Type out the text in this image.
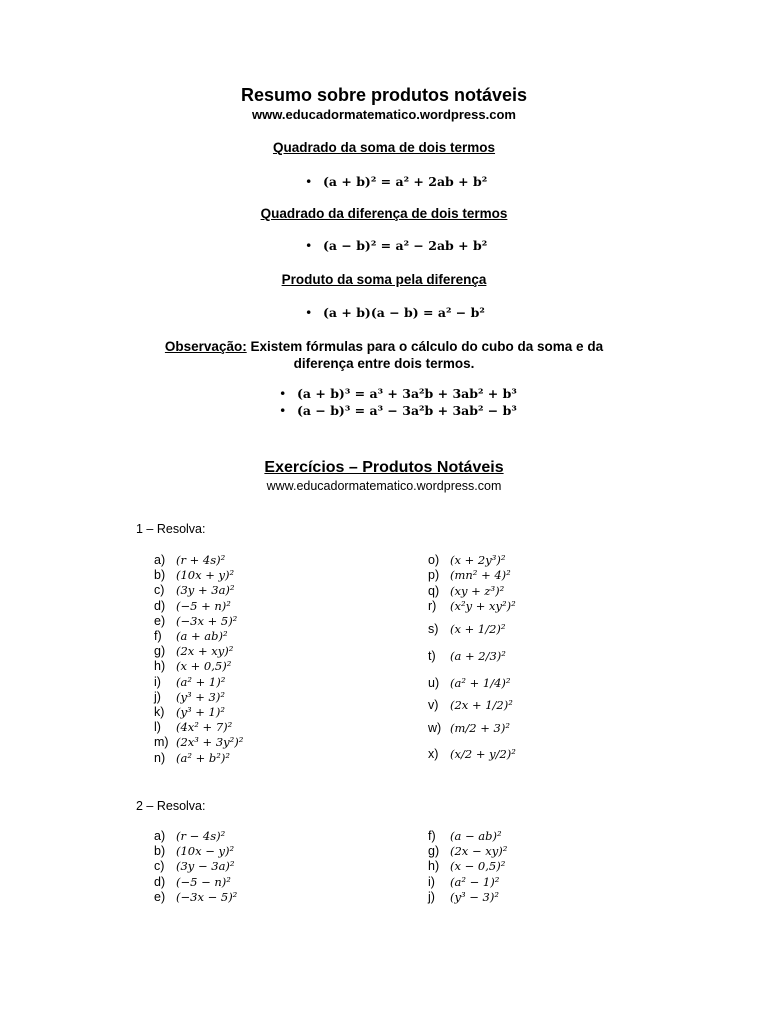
Resumo sobre produtos notáveis
www.educadormatematico.wordpress.com
Quadrado da soma de dois termos
• (a + b)² = a² + 2ab + b²
Quadrado da diferença de dois termos
• (a − b)² = a² − 2ab + b²
Produto da soma pela diferença
• (a + b)(a − b) = a² − b²
Observação: Existem fórmulas para o cálculo do cubo da soma e da
diferença entre dois termos.
• (a + b)³ = a³ + 3a²b + 3ab² + b³
• (a − b)³ = a³ − 3a²b + 3ab² − b³
Exercícios – Produtos Notáveis
www.educadormatematico.wordpress.com
1 – Resolva:
a) (r + 4s)²
b) (10x + y)²
c) (3y + 3a)²
d) (−5 + n)²
e) (−3x + 5)²
f) (a + ab)²
g) (2x + xy)²
h) (x + 0,5)²
i) (a² + 1)²
j) (y³ + 3)²
k) (y³ + 1)²
l) (4x² + 7)²
m) (2x³ + 3y²)²
n) (a² + b²)²
o) (x + 2y³)²
p) (mn² + 4)²
q) (xy + z³)²
r) (x²y + xy²)²
s) (x + 1/2)²
t) (a + 2/3)²
u) (a² + 1/4)²
v) (2x + 1/2)²
w) (m/2 + 3)²
x) (x/2 + y/2)²
2 – Resolva:
a) (r − 4s)²
b) (10x − y)²
c) (3y − 3a)²
d) (−5 − n)²
e) (−3x − 5)²
f) (a − ab)²
g) (2x − xy)²
h) (x − 0,5)²
i) (a² − 1)²
j) (y³ − 3)²
